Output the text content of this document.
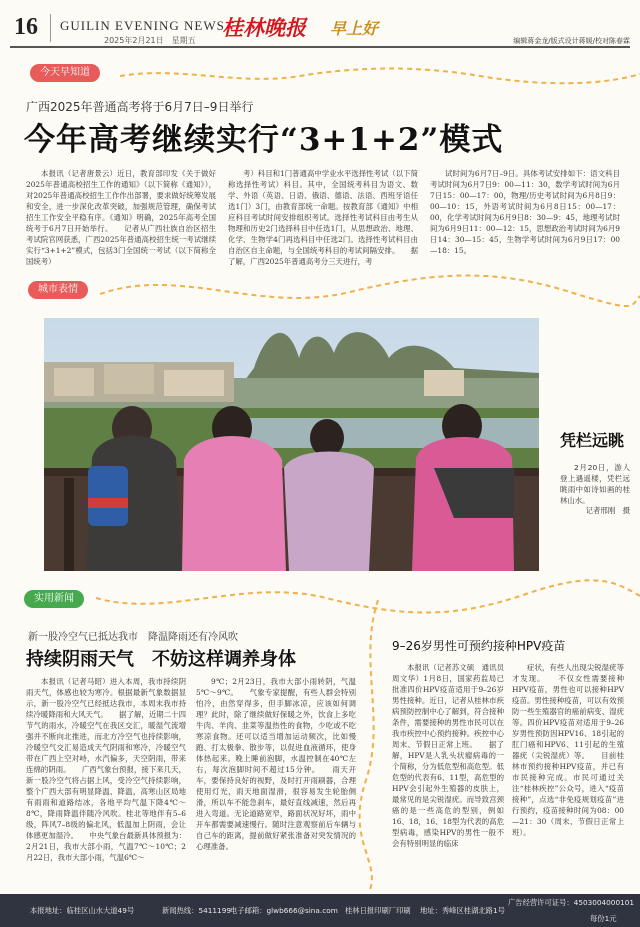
16 GUILIN EVENING NEWS
2025年2月21日　星期五
桂林晚报 早上好
编辑蒋金龙/版式设计蒋媛/校对陈春霖
今天早知道
广西2025年普通高考将于6月7日–9日举行
今年高考继续实行“3+1+2”模式
本报讯（记者唐景云）近日，教育部印发《关于做好2025年普通高校招生工作的通知》（以下简称《通知》），对2025年普通高校招生工作作出部署，要求做好统筹发展和安全，进一步深化改革突破，加强规范管理，确保考试招生工作安全平稳有序。《通知》明确，2025年高考全国统考于6月7日开始举行。　　记者从广西壮族自治区招生考试院官网获悉，广西2025年普通高校招生统一考试继续实行“3+1+2”模式，包括3门全国统一考试（以下简称全国统考）
考）科目和1门普通高中学业水平选择性考试（以下简称选择性考试）科目。其中，全国统考科目为语文、数学、外语（英语、日语、俄语、德语、法语、西班牙语任选1门）3门，由教育部统一命题。按教育部《通知》中相应科目考试时间安排组织考试。选择性考试科目由考生从物理和历史2门选择科目中任选1门，从思想政治、地理、化学、生物学4门再选科目中任选2门。选择性考试科目由自治区自主命题，与全国统考科目的考试间隔安排。　　据了解，广西2025年普通高考分三天进行，考
试时间为6月7日–9日。具体考试安排如下：语文科目考试时间为6月7日9：00—11：30，数学考试时间为6月7日15：00—17：00，物理/历史考试时间为6月8日9：00—10：15，外语考试时间为6月8日15：00—17：00，化学考试时间为6月9日8：30—9：45，地理考试时间为6月9日11：00—12：15，思想政治考试时间为6月9日14：30—15：45，生物学考试时间为6月9日17：00—18：15。
城市表情
凭栏远眺
2月20日，游人登上遇遥楼，凭栏远眺雨中如诗如画的桂林山水。
记者邢刚　摄
实用新闻
新一股冷空气已抵达我市　降温降雨还有冷风吹
持续阴雨天气　不妨这样调养身体
本报讯（记者马昭）进入本周，我市持续阴雨天气，体感也较为寒冷。根据最新气象数据显示，新一股冷空气已经抵达我市，本周末我市持续冷暖降雨和大风天气。　　据了解，近期二十四节气的雨水，冷暖空气在我区交汇，暖湿气流增强并不断向北推进，而北方冷空气也持续影响，冷暖空气交汇易造成天气阴雨和寒冷，冷暖空气带在广西上空对峙，水汽偏多，天空阴雨，带来连绵的阴雨。　　广西气象台预报，接下来几天，新一股冷空气将占据上风，受冷空气持续影响，整个广西大部有明显降温、降温，高寒山区局地有雨雨和道路结冰，各地平均气温下降4℃～8℃，降雨降温伴随冷风吹。桂北等地伴有5–6级，阵风7–8级的偏北风，低温加上阴雨，会让体感更加湿冷。　　中央气象台最新具体预报为：2月21日，我市大部小雨，气温7℃～10℃；2月22日，我市大部小雨，气温6℃～
9℃；2月23日，我市大部小雨转阴，气温5℃～9℃。　　气象专家提醒，有些人群会特别怕冷，由然穿得多，但手脚冰凉，应该如何调理？此时，除了继续做好保暖之外，饮食上多吃牛肉、羊肉、韭菜等温热性的食物，少吃或不吃寒凉食物。还可以适当增加运动频次，比如慢跑、打太极拳、散步等，以促进血液循环，使身体热起来。晚上睡前泡脚，水温控制在40℃左右，每次泡脚时间不超过15分钟。　　雨天开车，要保持良好的视野，及时打开雨刷器，合理使用灯光，雨天地面湿滑，很容易发生轮胎侧滑，所以车不能急刹车，最好直线减速，然后再进入弯道。无论道路宽窄，路面状况好坏，雨中开车都需要减速慢行。随时注意观察前后车辆与自己车的距离，提前做好紧张准备对突发情况的心理准备。
9–26岁男性可预约接种HPV疫苗
本报讯（记者苏文硕　通讯员周文华）1月8日，国家药监局已批准四价HPV疫苗适用于9–26岁男性接种。近日，记者从桂林市疾病预防控制中心了解到，符合接种条件，需要接种的男性市民可以在我市疾控中心预约接种。疾控中心周末、节假日正常上班。　　据了解，HPV是人乳头状瘤病毒的一个简称，分为低危型和高危型。低危型的代表有6、11型，高危型的HPV会引起外生殖器的皮肤上，最常见的是尖锐湿疣。而导致宫颈癌的是一些高危的型别，例如16、18，16、18型为代表的高危型病毒，感染HPV的男性一般不会有特别明显的临床
症状，有些人出现尖锐湿疣等才发现。　　不仅女性需要接种HPV疫苗，男性也可以接种HPV疫苗。男性接种疫苗，可以有效预防一些生殖器官的癌前病变、湿疣等。四价HPV疫苗对适用于9–26岁男性预防因HPV16、18引起的肛门癌和HPV6、11引起的生殖器疣（尖锐湿疣）等。　　目前桂林市预约接种HPV疫苗，并已有市民接种完成。市民可通过关注“桂林疾控”公众号，进入“疫苗接种”，点选“非免疫规划疫苗”进行预约，疫苗接种时间为08：00—21：30（周末、节假日正常上班）。
本报地址：临桂区山水大道49号	新闻热线：5411199 电子邮箱：glwb666@sina.com 桂林日报印刷厂印刷 地址：秀峰区桂湖北路1号
广告经营许可证号：4503004000101
每份1元
